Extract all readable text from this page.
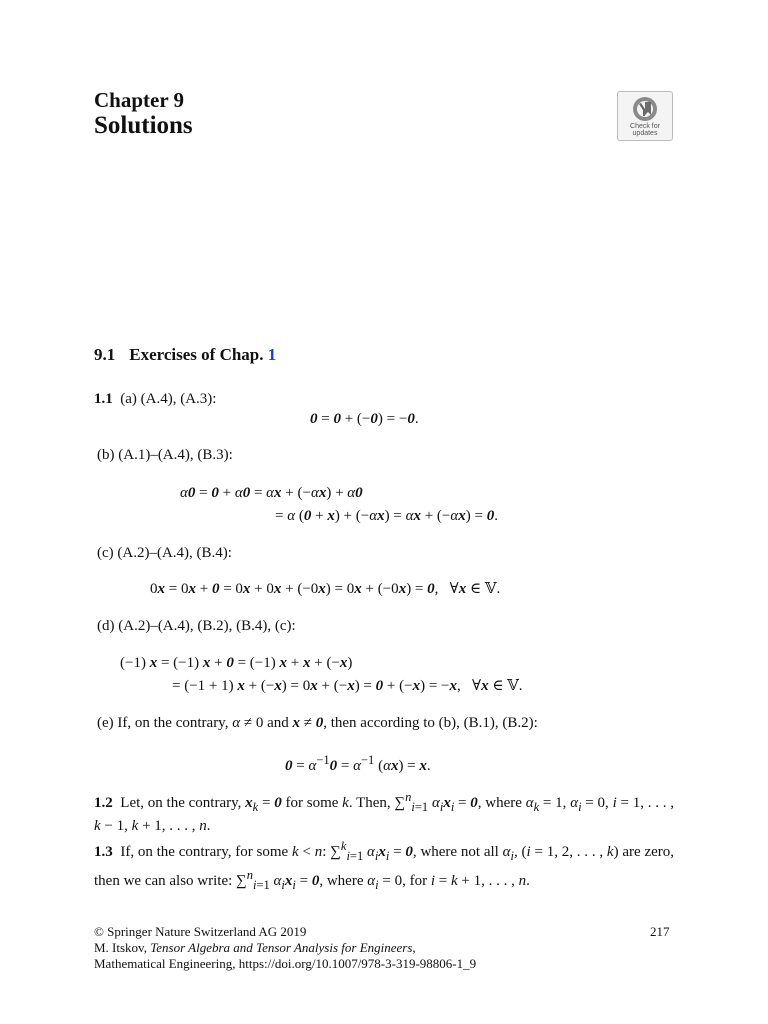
Chapter 9
Solutions	Check for
updates
9.1 Exercises of Chap. 1
1.1 (a) (A.4), (A.3):
0 = 0 + (−0) = −0.
(b) (A.1)–(A.4), (B.3):
α0 = 0 + α0 = αx + (−αx) + α0
= α (0 + x) + (−αx) = αx + (−αx) = 0.
(c) (A.2)–(A.4), (B.4):
0x = 0x + 0 = 0x + 0x + (−0x) = 0x + (−0x) = 0,   ∀x ∈ 𝕍.
(d) (A.2)–(A.4), (B.2), (B.4), (c):
(−1) x = (−1) x + 0 = (−1) x + x + (−x)
= (−1 + 1) x + (−x) = 0x + (−x) = 0 + (−x) = −x,   ∀x ∈ 𝕍.
(e) If, on the contrary, α ≠ 0 and x ≠ 0, then according to (b), (B.1), (B.2):
$0 = \alpha^{-1}0 = \alpha^{-1}$ (αx) = x.
1.2 Let, on the contrary, $x_k = 0$ for some k. Then, ∑$^n_{i=1}$ $\alpha_ix_i = 0$, where $\alpha_k = 1$, $\alpha_i = 0$, i = 1, . . . , k − 1, k + 1, . . . , n.
1.3 If, on the contrary, for some k < n: ∑$^k_{i=1}$ $\alpha_ix_i = 0$, where not all $\alpha_i$, (i = 1, 2, . . . , k) are zero, then we can also write: ∑$^n_{i=1}$ $\alpha_ix_i = 0$, where $\alpha_i = 0$, for i = k + 1, . . . , n.
© Springer Nature Switzerland AG 2019
M. Itskov, Tensor Algebra and Tensor Analysis for Engineers,
Mathematical Engineering, https://doi.org/10.1007/978-3-319-98806-1_9
217
